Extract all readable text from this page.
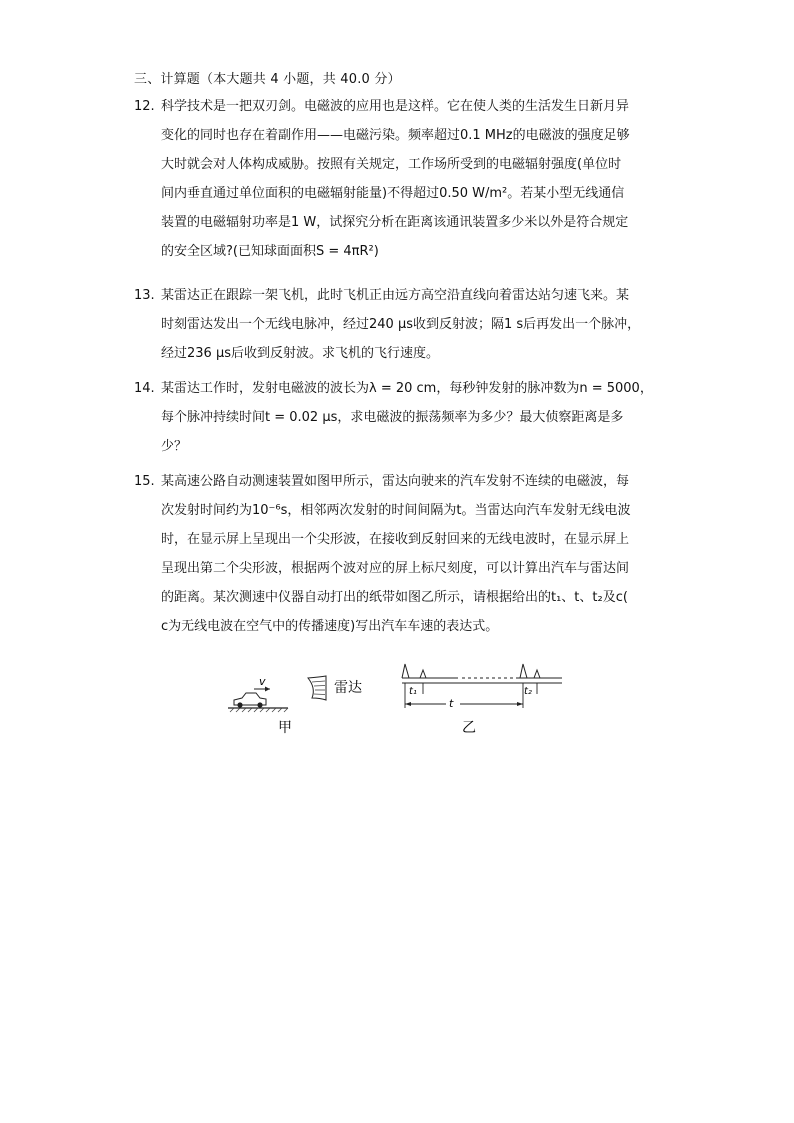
三、计算题（本大题共 4 小题，共 40.0 分）
12. 科学技术是一把双刃剑。电磁波的应用也是这样。它在使人类的生活发生日新月异
变化的同时也存在着副作用——电磁污染。频率超过0.1 MHz的电磁波的强度足够
大时就会对人体构成威胁。按照有关规定，工作场所受到的电磁辐射强度(单位时
间内垂直通过单位面积的电磁辐射能量)不得超过0.50 W/m²。若某小型无线通信
装置的电磁辐射功率是1 W，试探究分析在距离该通讯装置多少米以外是符合规定
的安全区域?(已知球面面积S = 4πR²)
13. 某雷达正在跟踪一架飞机，此时飞机正由远方高空沿直线向着雷达站匀速飞来。某
时刻雷达发出一个无线电脉冲，经过240 μs收到反射波；隔1 s后再发出一个脉冲，
经过236 μs后收到反射波。求飞机的飞行速度。
14. 某雷达工作时，发射电磁波的波长为λ = 20 cm，每秒钟发射的脉冲数为n = 5000，
每个脉冲持续时间t = 0.02 μs，求电磁波的振荡频率为多少？最大侦察距离是多
少？
15. 某高速公路自动测速装置如图甲所示，雷达向驶来的汽车发射不连续的电磁波，每
次发射时间约为10⁻⁶s，相邻两次发射的时间间隔为t。当雷达向汽车发射无线电波
时，在显示屏上呈现出一个尖形波，在接收到反射回来的无线电波时，在显示屏上
呈现出第二个尖形波，根据两个波对应的屏上标尺刻度，可以计算出汽车与雷达间
的距离。某次测速中仪器自动打出的纸带如图乙所示，请根据给出的t₁、t、t₂及c(
c为无线电波在空气中的传播速度)写出汽车车速的表达式。
v	雷达
甲
t₁	t₂
t
乙
